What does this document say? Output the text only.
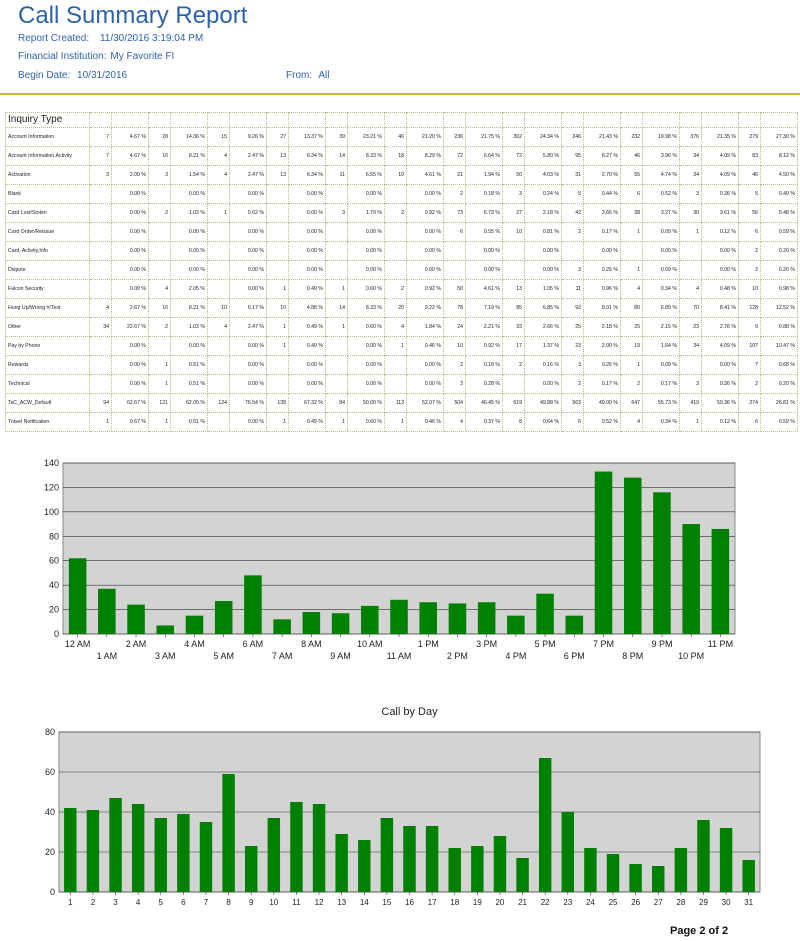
Call Summary Report
Report Created: 11/30/2016 3:19:04 PM
Financial Institution: My Favorite FI
Begin Date: 10/31/2016	From: All
Inquiry Type																								
Account Information	7	4.67 %	28	14.36 %	15	9.26 %	27	13.37 %	39	23.21 %	46	21.20 %	236	21.75 %	302	24.34 %	246	21.43 %	232	19.98 %	376	21.35 %	279	27.30 %
Account Information,Activity	7	4.67 %	16	8.21 %	4	2.47 %	13	6.34 %	14	8.33 %	18	8.29 %	72	6.64 %	72	5.80 %	95	8.27 %	46	3.96 %	34	4.09 %	83	8.12 %
Activation	3	2.00 %	3	1.54 %	4	2.47 %	13	6.34 %	11	6.55 %	10	4.61 %	21	1.94 %	50	4.03 %	31	2.70 %	55	4.74 %	34	4.09 %	46	4.50 %
Blank		0.00 %		0.00 %		0.00 %		0.00 %		0.00 %		0.00 %	2	0.18 %	3	0.24 %	5	0.44 %	6	0.52 %	3	0.36 %	5	0.49 %
Card Lost/Stolen		0.00 %	2	1.03 %	1	0.62 %		0.00 %	3	1.79 %	2	0.92 %	73	6.73 %	27	2.18 %	42	3.66 %	38	3.27 %	30	3.61 %	56	5.48 %
Card Order/Reissue		0.00 %		0.00 %		0.00 %		0.00 %		0.00 %		0.00 %	6	0.55 %	10	0.81 %	2	0.17 %	1	0.09 %	1	0.12 %	6	0.59 %
Card, Activity,Info		0.00 %		0.00 %		0.00 %		0.00 %		0.00 %		0.00 %		0.00 %		0.00 %		0.00 %		0.00 %		0.00 %	2	0.20 %
Dispute		0.00 %		0.00 %		0.00 %		0.00 %		0.00 %		0.00 %		0.00 %		0.00 %	3	0.26 %	1	0.09 %		0.00 %	2	0.20 %
Falcon Security		0.00 %	4	2.05 %		0.00 %	1	0.49 %	1	0.60 %	2	0.92 %	50	4.61 %	13	1.05 %	11	0.96 %	4	0.34 %	4	0.48 %	10	0.98 %
Hung Up/Wrong #/Test	4	2.67 %	16	8.21 %	10	6.17 %	10	4.88 %	14	8.33 %	20	9.22 %	78	7.19 %	85	6.85 %	92	8.01 %	80	6.89 %	70	8.41 %	128	12.52 %
Other	34	22.67 %	2	1.03 %	4	2.47 %	1	0.49 %	1	0.60 %	4	1.84 %	24	2.21 %	33	2.66 %	25	2.18 %	25	2.15 %	23	2.76 %	9	0.88 %
Pay by Phone		0.00 %		0.00 %		0.00 %	1	0.49 %		0.00 %	1	0.46 %	10	0.92 %	17	1.37 %	23	2.00 %	19	1.64 %	34	4.09 %	107	10.47 %
Rewards		0.00 %	1	0.51 %		0.00 %		0.00 %		0.00 %		0.00 %	2	0.18 %	2	0.16 %	3	0.26 %	1	0.09 %		0.00 %	7	0.68 %
Technical		0.00 %	1	0.51 %		0.00 %		0.00 %		0.00 %		0.00 %	3	0.28 %		0.00 %	2	0.17 %	2	0.17 %	3	0.36 %	2	0.20 %
TsC_ACW_Default	94	62.67 %	121	62.05 %	124	76.54 %	138	67.32 %	84	50.00 %	113	52.07 %	504	46.45 %	619	49.88 %	563	49.00 %	647	55.73 %	419	50.36 %	274	26.81 %
Travel Notification	1	0.67 %	1	0.51 %		0.00 %	1	0.49 %	1	0.60 %	1	0.46 %	4	0.37 %	8	0.64 %	6	0.52 %	4	0.34 %	1	0.12 %	6	0.59 %
0
20
40
60
80
100
120
140
12 AM
1 AM
2 AM
3 AM
4 AM
5 AM
6 AM
7 AM
8 AM
9 AM
10 AM
11 AM
1 PM
2 PM
3 PM
4 PM
5 PM
6 PM
7 PM
8 PM
9 PM
10 PM
11 PM
Call by Day
0
20
40
60
80
1 2 3 4 5 6 7 8 9 10 11 12 13 14 15 16 17 18 19 20 21 22 23 24 25 26 27 28 29 30 31
Page 2 of 2
